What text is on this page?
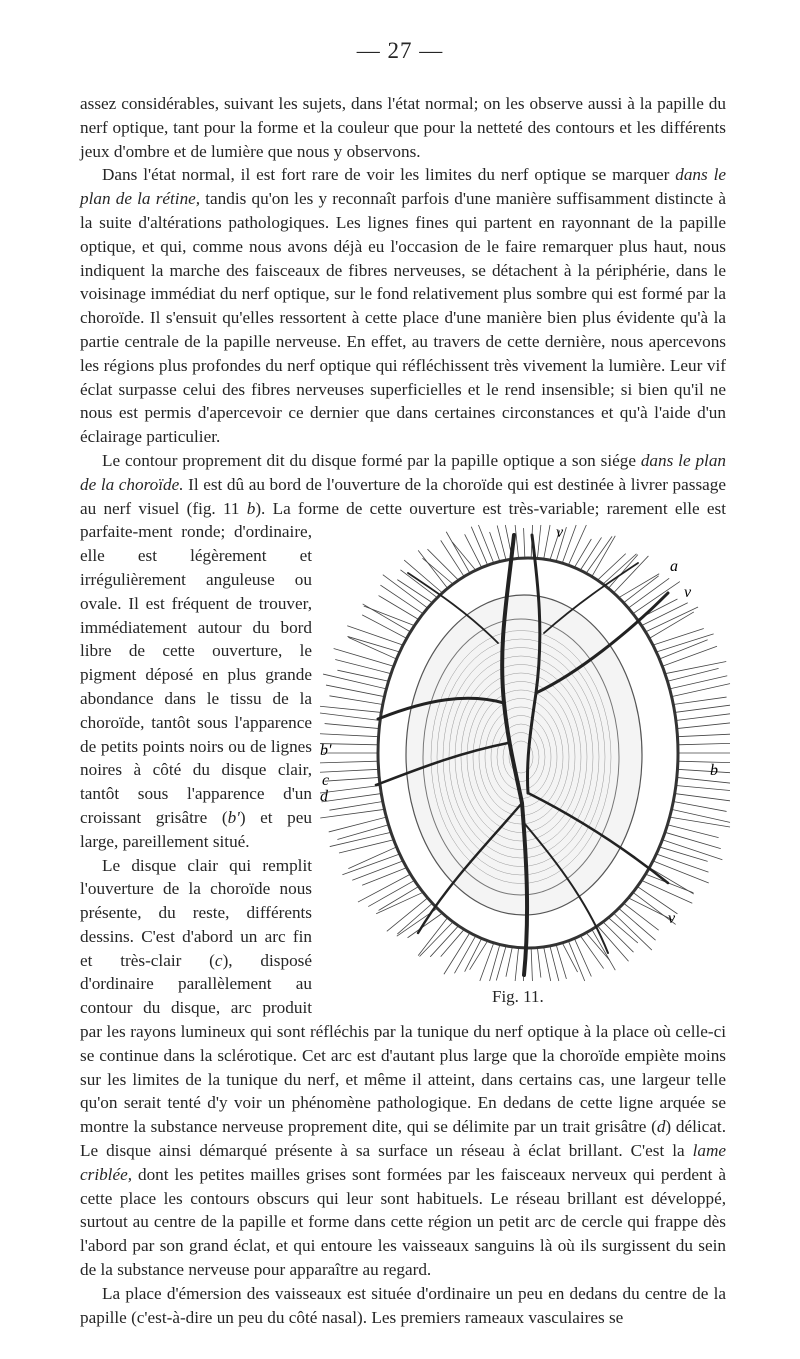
— 27 —

assez considérables, suivant les sujets, dans l'état normal; on les observe aussi à la papille du nerf optique, tant pour la forme et la couleur que pour la netteté des contours et les différents jeux d'ombre et de lumière que nous y observons.

Dans l'état normal, il est fort rare de voir les limites du nerf optique se marquer dans le plan de la rétine, tandis qu'on les y reconnaît parfois d'une manière suffisamment distincte à la suite d'altérations pathologiques. Les lignes fines qui partent en rayonnant de la papille optique, et qui, comme nous avons déjà eu l'occasion de le faire remarquer plus haut, nous indiquent la marche des faisceaux de fibres nerveuses, se détachent à la périphérie, dans le voisinage immédiat du nerf optique, sur le fond relativement plus sombre qui est formé par la choroïde. Il s'ensuit qu'elles ressortent à cette place d'une manière bien plus évidente qu'à la partie centrale de la papille nerveuse. En effet, au travers de cette dernière, nous apercevons les régions plus profondes du nerf optique qui réfléchissent très vivement la lumière. Leur vif éclat surpasse celui des fibres nerveuses superficielles et le rend insensible; si bien qu'il ne nous est permis d'apercevoir ce dernier que dans certaines circonstances et qu'à l'aide d'un éclairage particulier.

Le contour proprement dit du disque formé par la papille optique a son siége dans le plan de la choroïde. Il est dû au bord de l'ouverture de la choroïde qui est destinée à livrer passage au nerf visuel (fig. 11 b). La forme de cette ouverture est très-variable; rarement elle est parfaite-	v
a
v
b'
b
c
d
v
Fig. 11.
ment ronde; d'ordinaire, elle est légèrement et irrégulièrement anguleuse ou ovale. Il est fréquent de trouver, immédiatement autour du bord libre de cette ouverture, le pigment déposé en plus grande abondance dans le tissu de la choroïde, tantôt sous l'apparence de petits points noirs ou de lignes noires à côté du disque clair, tantôt sous l'apparence d'un croissant grisâtre (b') et peu large, pareillement situé.

Le disque clair qui remplit l'ouverture de la choroïde nous présente, du reste, différents dessins. C'est d'abord un arc fin et très-clair (c), disposé d'ordinaire parallèlement au contour du disque, arc produit par les rayons lumineux qui sont réfléchis par la tunique du nerf optique à la place où celle-ci se continue dans la sclérotique. Cet arc est d'autant plus large que la choroïde empiète moins sur les limites de la tunique du nerf, et même il atteint, dans certains cas, une largeur telle qu'on serait tenté d'y voir un phénomène pathologique. En dedans de cette ligne arquée se montre la substance nerveuse proprement dite, qui se délimite par un trait grisâtre (d) délicat. Le disque ainsi démarqué présente à sa surface un réseau à éclat brillant. C'est la lame criblée, dont les petites mailles grises sont formées par les faisceaux nerveux qui perdent à cette place les contours obscurs qui leur sont habituels. Le réseau brillant est développé, surtout au centre de la papille et forme dans cette région un petit arc de cercle qui frappe dès l'abord par son grand éclat, et qui entoure les vaisseaux sanguins là où ils surgissent du sein de la substance nerveuse pour apparaître au regard.

La place d'émersion des vaisseaux est située d'ordinaire un peu en dedans du centre de la papille (c'est-à-dire un peu du côté nasal). Les premiers rameaux vasculaires se
